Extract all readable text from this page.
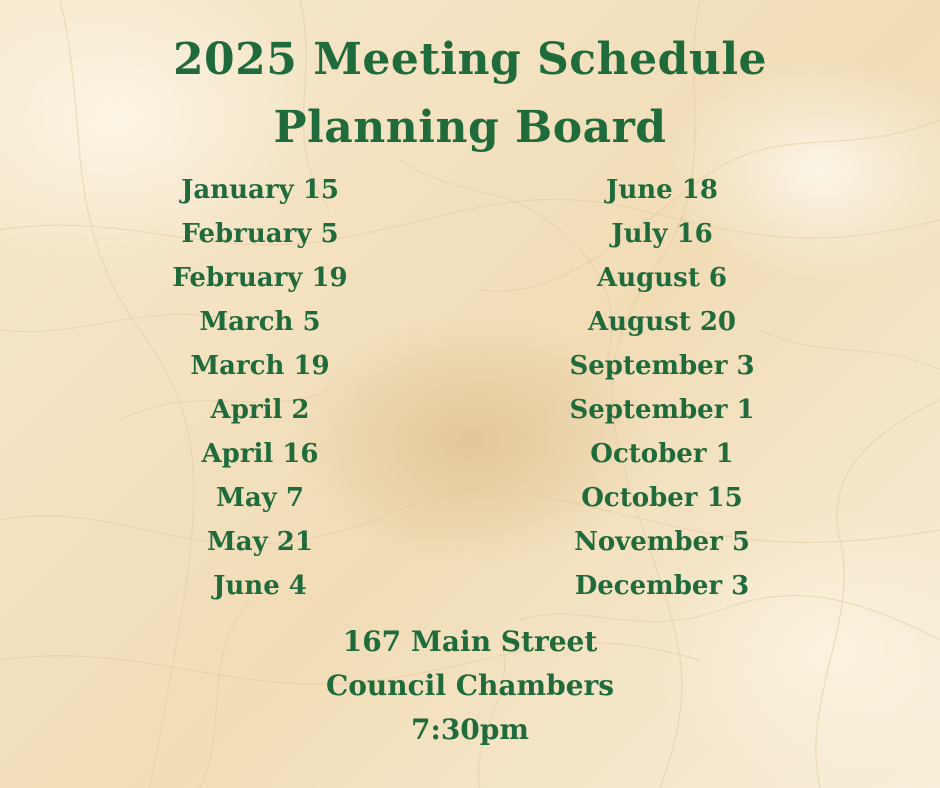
2025 Meeting Schedule
Planning Board
January 15
February 5
February 19
March 5
March 19
April 2
April 16
May 7
May 21
June 4
June 18
July 16
August 6
August 20
September 3
September 1
October 1
October 15
November 5
December 3
167 Main Street
Council Chambers
7:30pm
